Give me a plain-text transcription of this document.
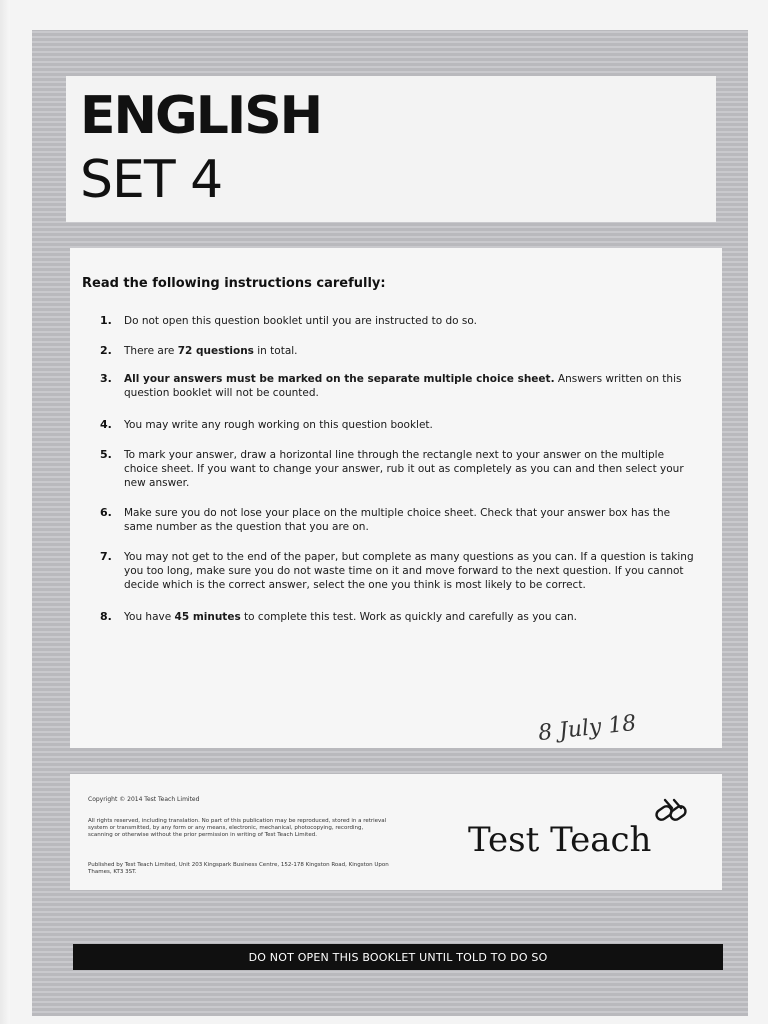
ENGLISH
SET 4
Read the following instructions carefully:
1.	Do not open this question booklet until you are instructed to do so.
2.	There are 72 questions in total.
3.	All your answers must be marked on the separate multiple choice sheet. Answers written on this question booklet will not be counted.
4.	You may write any rough working on this question booklet.
5.	To mark your answer, draw a horizontal line through the rectangle next to your answer on the multiple choice sheet. If you want to change your answer, rub it out as completely as you can and then select your new answer.
6.	Make sure you do not lose your place on the multiple choice sheet. Check that your answer box has the same number as the question that you are on.
7.	You may not get to the end of the paper, but complete as many questions as you can. If a question is taking you too long, make sure you do not waste time on it and move forward to the next question. If you cannot decide which is the correct answer, select the one you think is most likely to be correct.
8.	You have 45 minutes to complete this test. Work as quickly and carefully as you can.
8 July 18
Copyright © 2014 Test Teach Limited
All rights reserved, including translation. No part of this publication may be reproduced, stored in a retrieval system or transmitted, by any form or any means, electronic, mechanical, photocopying, recording, scanning or otherwise without the prior permission in writing of Test Teach Limited.
Published by Test Teach Limited, Unit 203 Kingspark Business Centre, 152-178 Kingston Road, Kingston Upon Thames, KT3 3ST.
Test Teach
DO NOT OPEN THIS BOOKLET UNTIL TOLD TO DO SO
